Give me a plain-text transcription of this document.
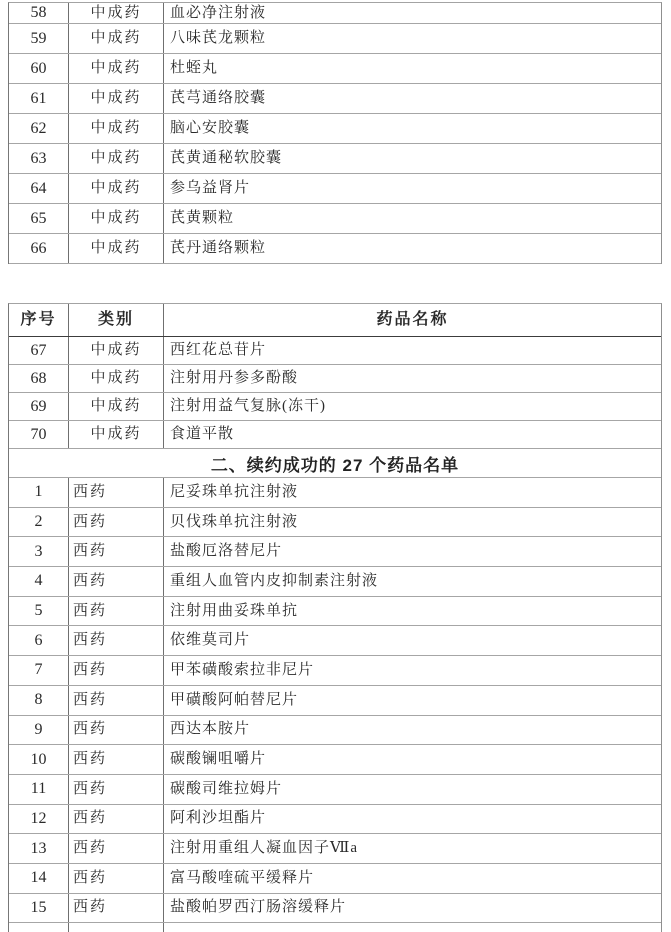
58	中成药	血必净注射液
59	中成药	八味芪龙颗粒
60	中成药	杜蛭丸
61	中成药	芪芎通络胶囊
62	中成药	脑心安胶囊
63	中成药	芪黄通秘软胶囊
64	中成药	参乌益肾片
65	中成药	芪黄颗粒
66	中成药	芪丹通络颗粒
序号	类别	药品名称
67	中成药	西红花总苷片
68	中成药	注射用丹参多酚酸
69	中成药	注射用益气复脉(冻干)
70	中成药	食道平散
二、续约成功的 27 个药品名单
1	西药	尼妥珠单抗注射液
2	西药	贝伐珠单抗注射液
3	西药	盐酸厄洛替尼片
4	西药	重组人血管内皮抑制素注射液
5	西药	注射用曲妥珠单抗
6	西药	依维莫司片
7	西药	甲苯磺酸索拉非尼片
8	西药	甲磺酸阿帕替尼片
9	西药	西达本胺片
10	西药	碳酸镧咀嚼片
11	西药	碳酸司维拉姆片
12	西药	阿利沙坦酯片
13	西药	注射用重组人凝血因子Ⅶa
14	西药	富马酸喹硫平缓释片
15	西药	盐酸帕罗西汀肠溶缓释片
